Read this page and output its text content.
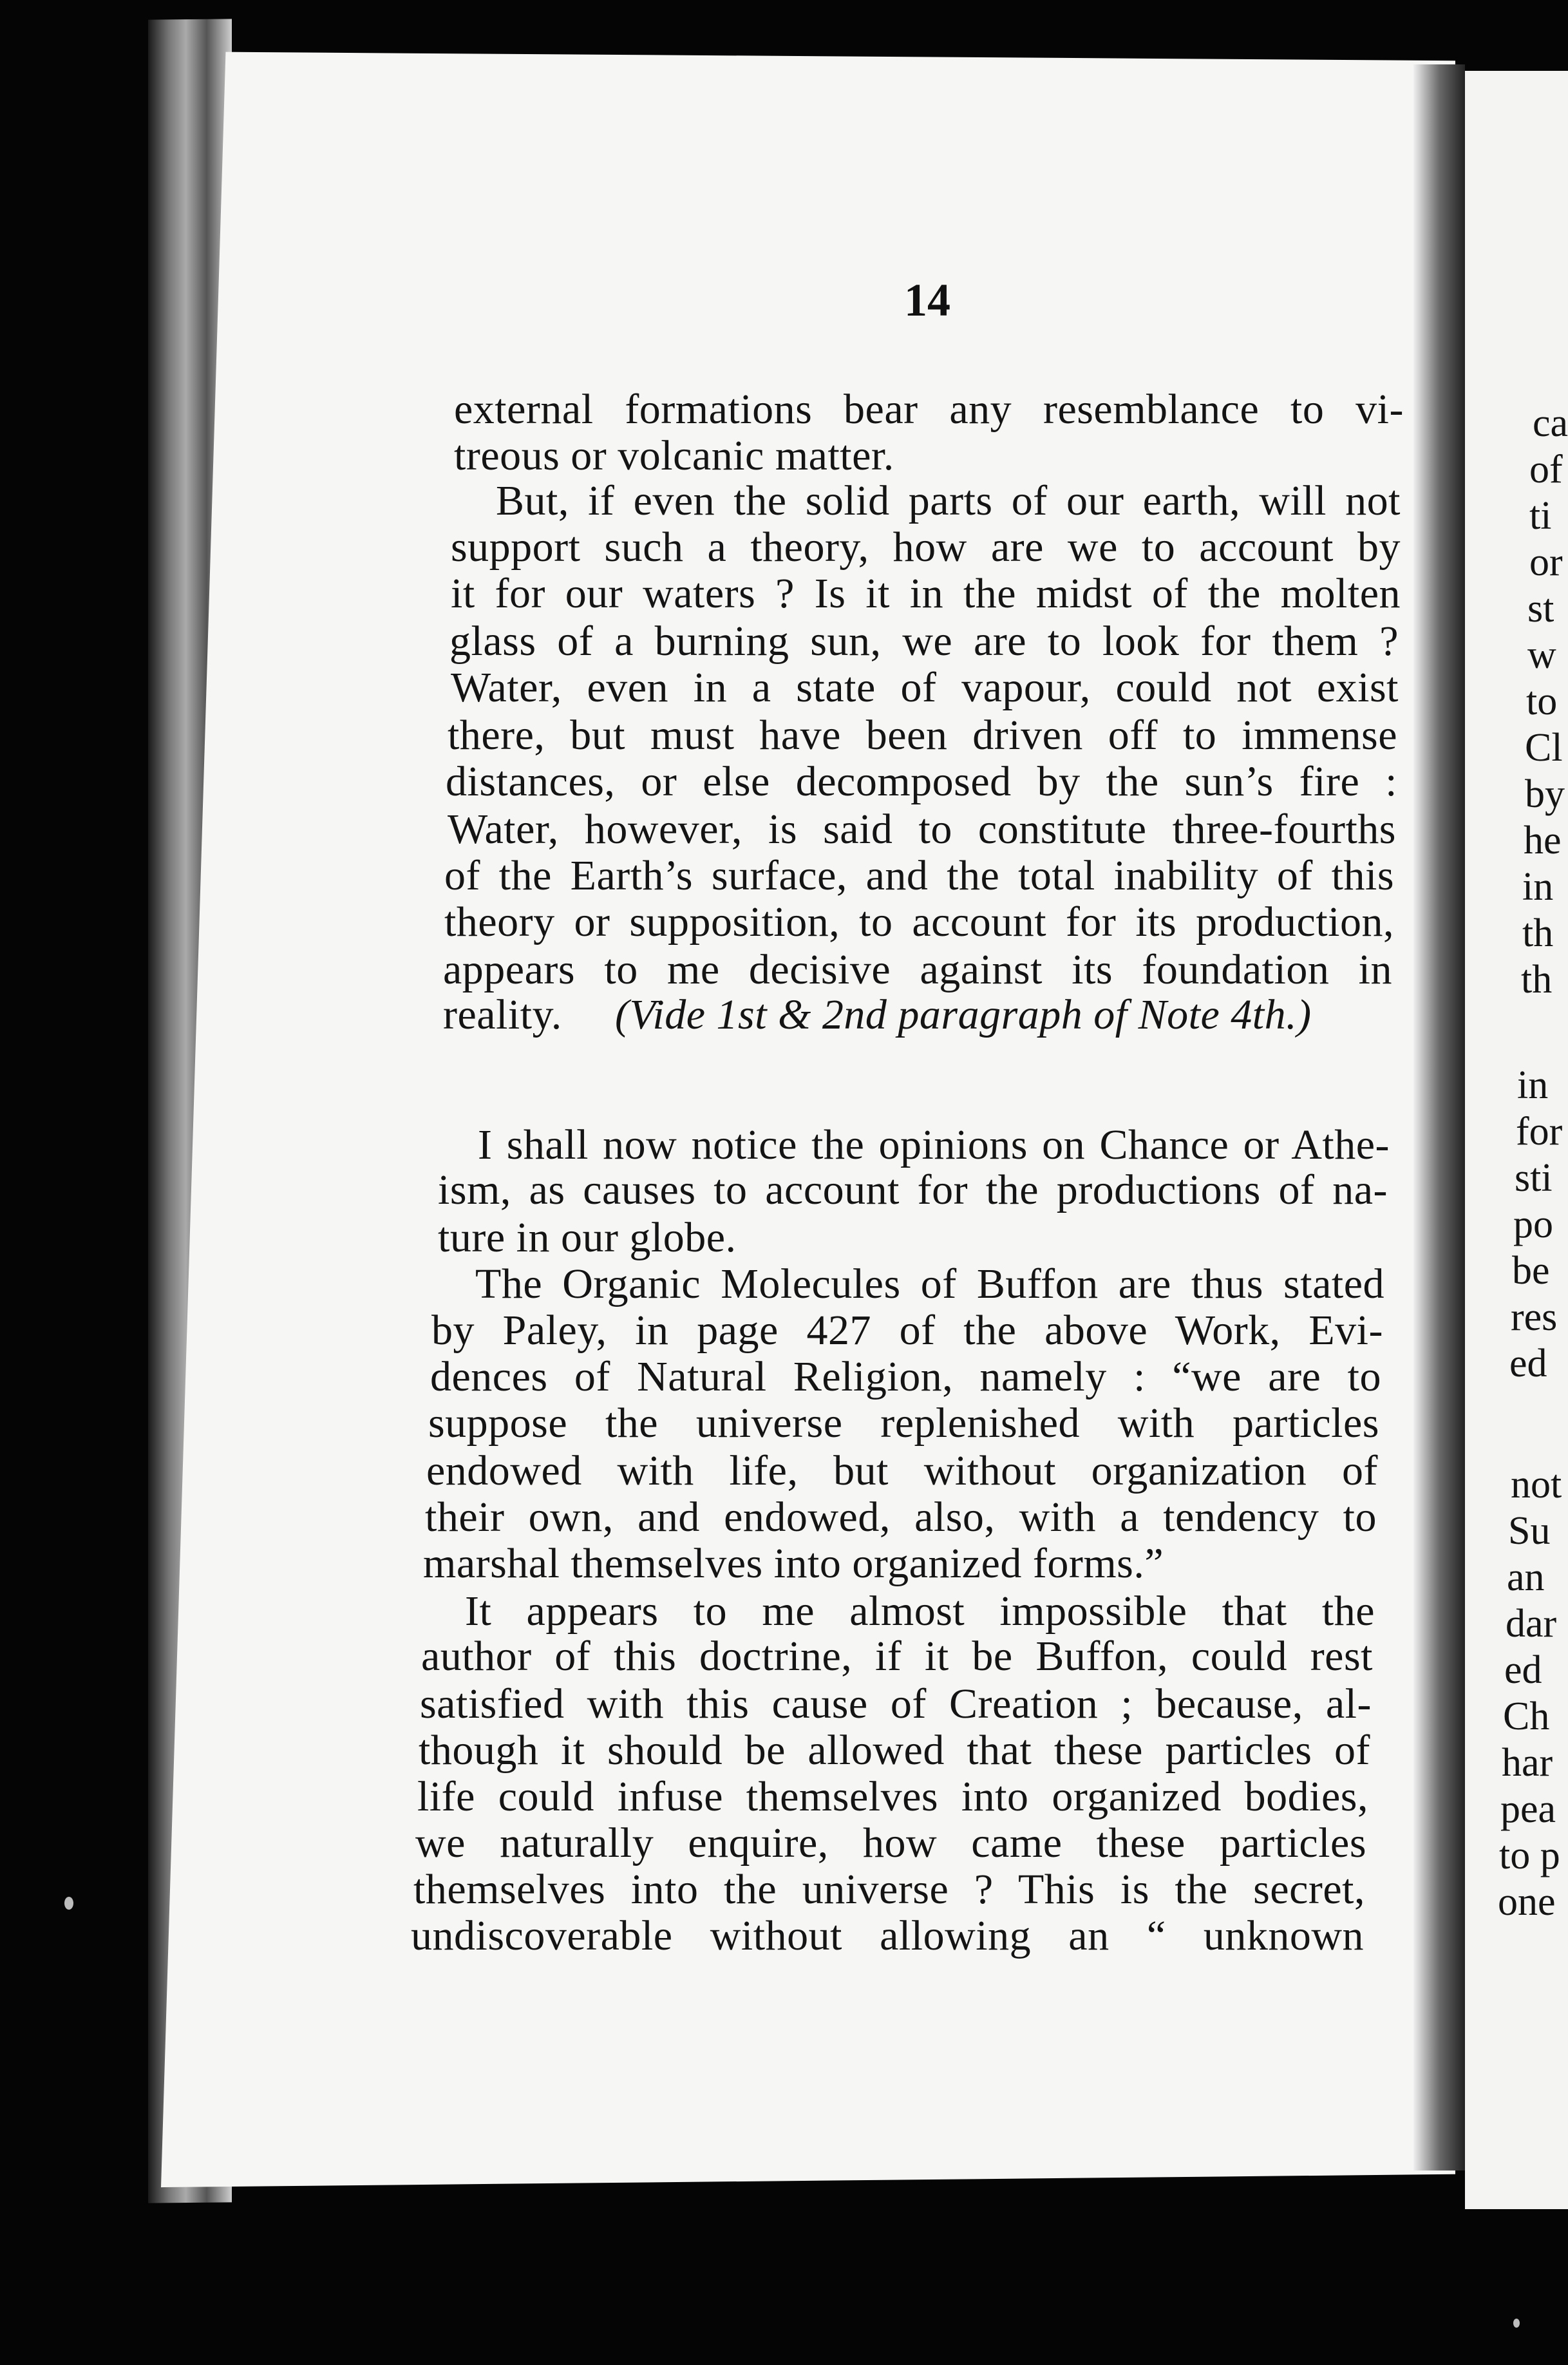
14
external formations bear any resemblance to vi-
treous or volcanic matter.
But, if even the solid parts of our earth, will not
support such a theory, how are we to account by
it for our waters ? Is it in the midst of the molten
glass of a burning sun, we are to look for them ?
Water, even in a state of vapour, could not exist
there, but must have been driven off to immense
distances, or else decomposed by the sun’s fire :
Water, however, is said to constitute three-fourths
of the Earth’s surface, and the total inability of this
theory or supposition, to account for its production,
appears to me decisive against its foundation in
reality.
I shall now notice the opinions on Chance or Athe-
ism, as causes to account for the productions of na-
ture in our globe.
The Organic Molecules of Buffon are thus stated
by Paley, in page 427 of the above Work, Evi-
dences of Natural Religion, namely : “we are to
suppose the universe replenished with particles
endowed with life, but without organization of
their own, and endowed, also, with a tendency to
marshal themselves into organized forms.”
It appears to me almost impossible that the
author of this doctrine, if it be Buffon, could rest
satisfied with this cause of Creation ; because, al-
though it should be allowed that these particles of
life could infuse themselves into organized bodies,
we naturally enquire, how came these particles
themselves into the universe ? This is the secret,
undiscoverable without allowing an “ unknown
(Vide 1st & 2nd paragraph of Note 4th.)
ca
of
ti
or
st
w
to
Cl
by
he
in
th
th
in
for
sti
po
be
res
ed
not
Su
an
dar
ed
Ch
har
pea
to p
one
